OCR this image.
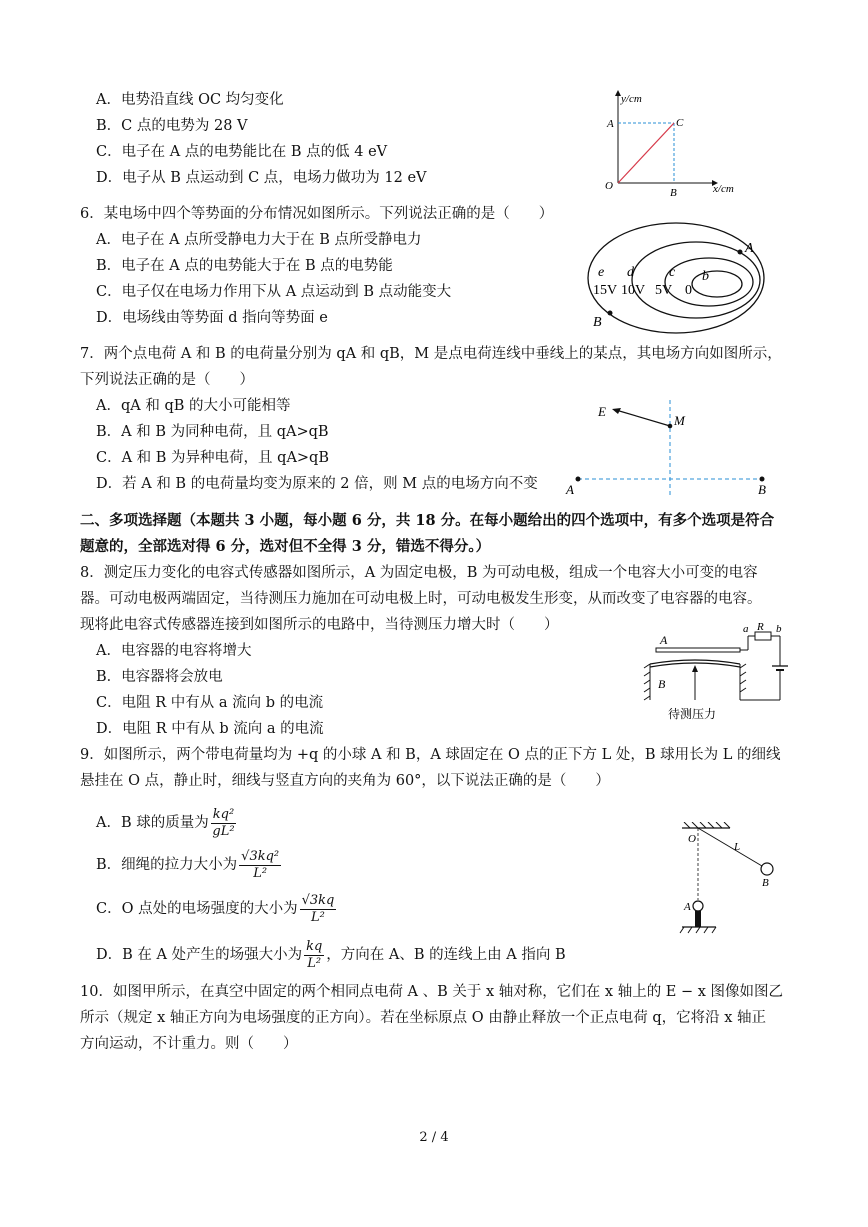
A．电势沿直线 OC 均匀变化
B．C 点的电势为 28 V
C．电子在 A 点的电势能比在 B 点的低 4 eV
D．电子从 B 点运动到 C 点，电场力做功为 12 eV
y/cm
A	C
O
B	x/cm
6．某电场中四个等势面的分布情况如图所示。下列说法正确的是（　　）
A．电子在 A 点所受静电力大于在 B 点所受静电力
B．电子在 A 点的电势能大于在 B 点的电势能
C．电子仅在电场力作用下从 A 点运动到 B 点动能变大
D．电场线由等势面 d 指向等势面 e
A
B
e d	c b
15V 10V 5V 0
7．两个点电荷 A 和 B 的电荷量分别为 qA 和 qB，M 是点电荷连线中垂线上的某点，其电场方向如图所示，
下列说法正确的是（　　）
A．qA 和 qB 的大小可能相等
B．A 和 B 为同种电荷，且 qA>qB
C．A 和 B 为异种电荷，且 qA>qB
D．若 A 和 B 的电荷量均变为原来的 2 倍，则 M 点的电场方向不变
E
M
A	B
二、多项选择题（本题共 3 小题，每小题 6 分，共 18 分。在每小题给出的四个选项中，有多个选项是符合
题意的，全部选对得 6 分，选对但不全得 3 分，错选不得分。）
8．测定压力变化的电容式传感器如图所示，A 为固定电极，B 为可动电极，组成一个电容大小可变的电容
器。可动电极两端固定，当待测压力施加在可动电极上时，可动电极发生形变，从而改变了电容器的电容。
现将此电容式传感器连接到如图所示的电路中，当待测压力增大时（　　）
A．电容器的电容将增大
B．电容器将会放电
C．电阻 R 中有从 a 流向 b 的电流
D．电阻 R 中有从 b 流向 a 的电流
A
a R b
B
待测压力
9．如图所示，两个带电荷量均为 +q 的小球 A 和 B，A 球固定在 O 点的正下方 L 处，B 球用长为 L 的细线
悬挂在 O 点，静止时，细线与竖直方向的夹角为 60°，以下说法正确的是（　　）
A．B 球的质量为 $\frac{\text{kq²}}{\text{gL²}}$
B．细绳的拉力大小为 $\frac{\text{√3kq²}}{\text{L²}}$
C．O 点处的电场强度的大小为 $\frac{√3kq}{\text{L²}}$
D．B 在 A 处产生的场强大小为 $\frac{kq}{\text{L²}}$ ，方向在 A、B 的连线上由 A 指向 B
O
L
A
B
10．如图甲所示，在真空中固定的两个相同点电荷 A 、B 关于 x 轴对称，它们在 x 轴上的 E − x 图像如图乙
所示（规定 x 轴正方向为电场强度的正方向）。若在坐标原点 O 由静止释放一个正点电荷 q，它将沿 x 轴正
方向运动，不计重力。则（　　）
2 / 4
